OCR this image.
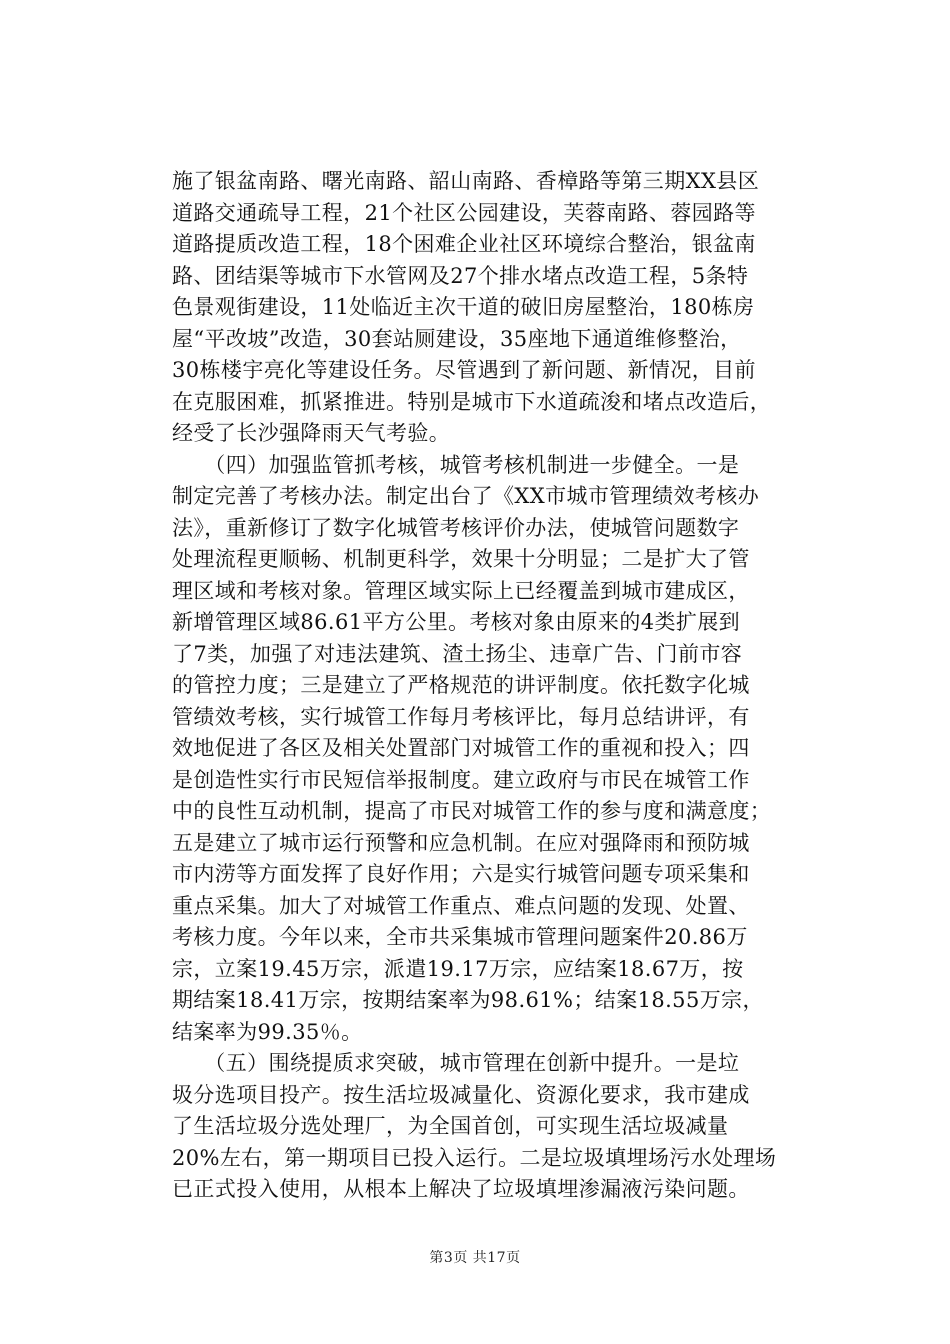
施了银盆南路、曙光南路、韶山南路、香樟路等第三期XX县区
道路交通疏导工程，21个社区公园建设，芙蓉南路、蓉园路等
道路提质改造工程，18个困难企业社区环境综合整治，银盆南
路、团结渠等城市下水管网及27个排水堵点改造工程，5条特
色景观街建设，11处临近主次干道的破旧房屋整治，180栋房
屋“平改坡”改造，30套站厕建设，35座地下通道维修整治，
30栋楼宇亮化等建设任务。尽管遇到了新问题、新情况，目前
在克服困难，抓紧推进。特别是城市下水道疏浚和堵点改造后，
经受了长沙强降雨天气考验。
　　（四）加强监管抓考核，城管考核机制进一步健全。一是
制定完善了考核办法。制定出台了《XX市城市管理绩效考核办
法》，重新修订了数字化城管考核评价办法，使城管问题数字
处理流程更顺畅、机制更科学，效果十分明显；二是扩大了管
理区域和考核对象。管理区域实际上已经覆盖到城市建成区，
新增管理区域86.61平方公里。考核对象由原来的4类扩展到
了7类，加强了对违法建筑、渣土扬尘、违章广告、门前市容
的管控力度；三是建立了严格规范的讲评制度。依托数字化城
管绩效考核，实行城管工作每月考核评比，每月总结讲评，有
效地促进了各区及相关处置部门对城管工作的重视和投入；四
是创造性实行市民短信举报制度。建立政府与市民在城管工作
中的良性互动机制，提高了市民对城管工作的参与度和满意度；
五是建立了城市运行预警和应急机制。在应对强降雨和预防城
市内涝等方面发挥了良好作用；六是实行城管问题专项采集和
重点采集。加大了对城管工作重点、难点问题的发现、处置、
考核力度。今年以来，全市共采集城市管理问题案件20.86万
宗，立案19.45万宗，派遣19.17万宗，应结案18.67万，按
期结案18.41万宗，按期结案率为98.61%；结案18.55万宗，
结案率为99.35％。
　　（五）围绕提质求突破，城市管理在创新中提升。一是垃
圾分选项目投产。按生活垃圾减量化、资源化要求，我市建成
了生活垃圾分选处理厂，为全国首创，可实现生活垃圾减量
20%左右，第一期项目已投入运行。二是垃圾填埋场污水处理场
已正式投入使用，从根本上解决了垃圾填埋渗漏液污染问题。
第3页 共17页
